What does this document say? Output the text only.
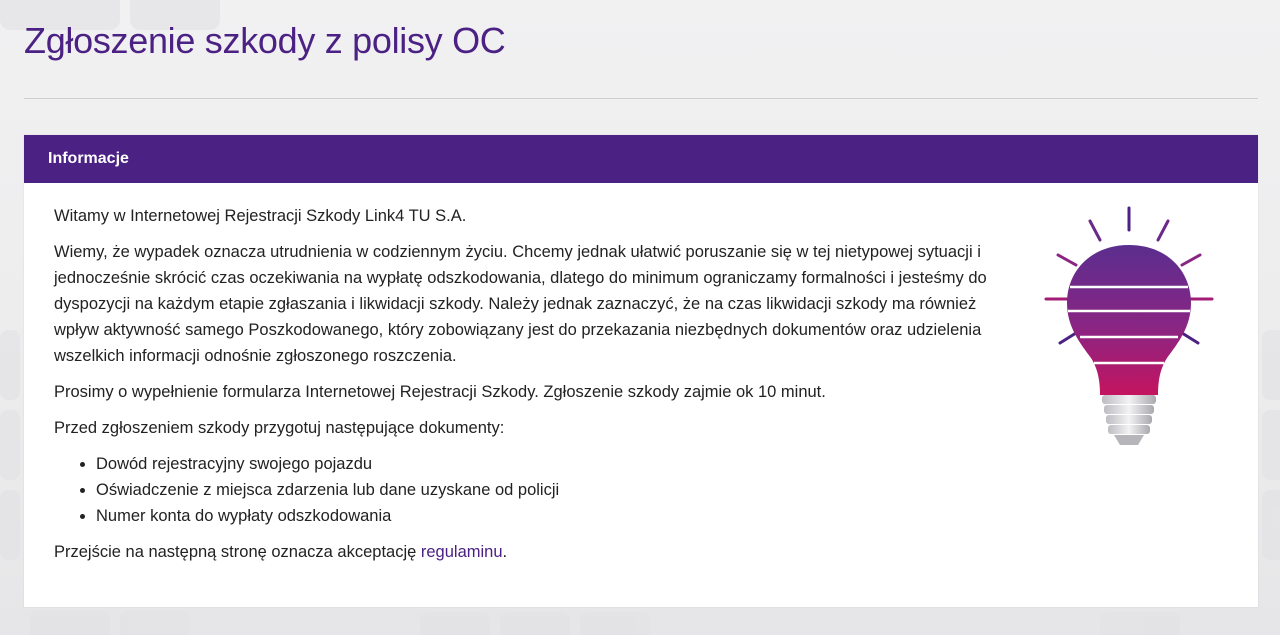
Zgłoszenie szkody z polisy OC
Informacje

Witamy w Internetowej Rejestracji Szkody Link4 TU S.A.

Wiemy, że wypadek oznacza utrudnienia w codziennym życiu. Chcemy jednak ułatwić poruszanie się w tej nietypowej sytuacji i jednocześnie skrócić czas oczekiwania na wypłatę odszkodowania, dlatego do minimum ograniczamy formalności i jesteśmy do dyspozycji na każdym etapie zgłaszania i likwidacji szkody. Należy jednak zaznaczyć, że na czas likwidacji szkody ma również wpływ aktywność samego Poszkodowanego, który zobowiązany jest do przekazania niezbędnych dokumentów oraz udzielenia wszelkich informacji odnośnie zgłoszonego roszczenia.

Prosimy o wypełnienie formularza Internetowej Rejestracji Szkody. Zgłoszenie szkody zajmie ok 10 minut.

Przed zgłoszeniem szkody przygotuj następujące dokumenty:

• Dowód rejestracyjny swojego pojazdu
• Oświadczenie z miejsca zdarzenia lub dane uzyskane od policji
• Numer konta do wypłaty odszkodowania

Przejście na następną stronę oznacza akceptację regulaminu.
